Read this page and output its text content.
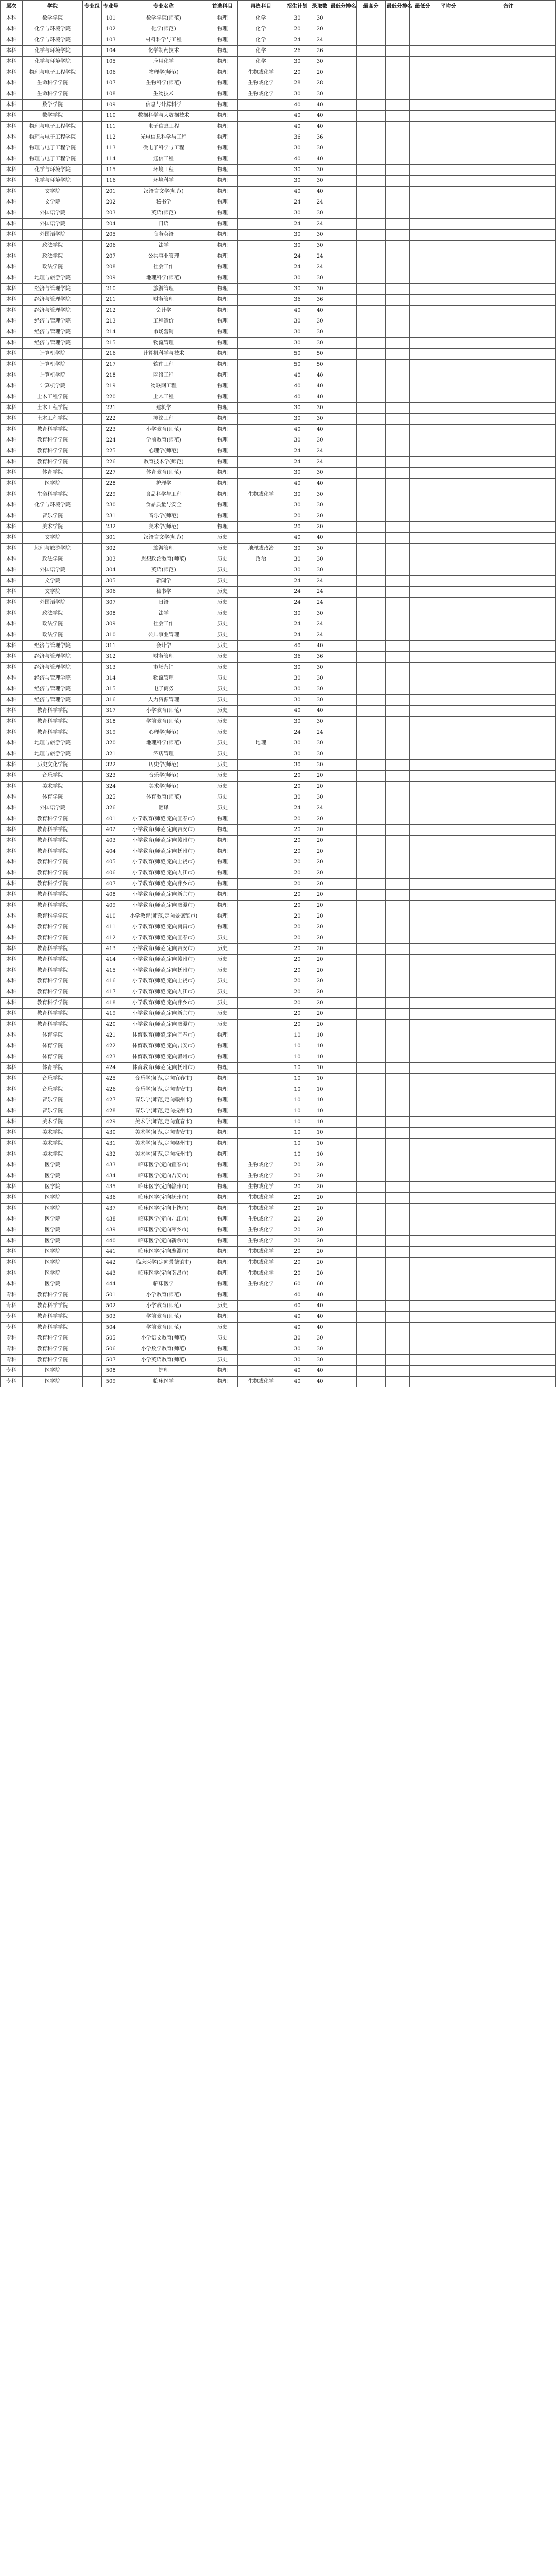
层次	学院	专业组	专业号	专业名称	首选科目	再选科目	招生计划	录取数	最低分排名	最高分	最低分排名	最低分	平均分	备注
本科	数学学院		101	数学学院(师范)	物理	化学	30	30						
本科	化学与环境学院		102	化学(师范)	物理	化学	20	20						
本科	化学与环境学院		103	材料科学与工程	物理	化学	24	24						
本科	化学与环境学院		104	化学制药技术	物理	化学	26	26						
本科	化学与环境学院		105	应用化学	物理	化学	30	30						
本科	物理与电子工程学院		106	物理学(师范)	物理	生物或化学	20	20						
本科	生命科学学院		107	生物科学(师范)	物理	生物或化学	28	28						
本科	生命科学学院		108	生物技术	物理	生物或化学	30	30						
本科	数学学院		109	信息与计算科学	物理		40	40						
本科	数学学院		110	数据科学与大数据技术	物理		40	40						
本科	物理与电子工程学院		111	电子信息工程	物理		40	40						
本科	物理与电子工程学院		112	光电信息科学与工程	物理		36	36						
本科	物理与电子工程学院		113	微电子科学与工程	物理		30	30						
本科	物理与电子工程学院		114	通信工程	物理		40	40						
本科	化学与环境学院		115	环境工程	物理		30	30						
本科	化学与环境学院		116	环境科学	物理		30	30						
本科	文学院		201	汉语言文学(师范)	物理		40	40						
本科	文学院		202	秘书学	物理		24	24						
本科	外国语学院		203	英语(师范)	物理		30	30						
本科	外国语学院		204	日语	物理		24	24						
本科	外国语学院		205	商务英语	物理		30	30						
本科	政法学院		206	法学	物理		30	30						
本科	政法学院		207	公共事业管理	物理		24	24						
本科	政法学院		208	社会工作	物理		24	24						
本科	地理与旅游学院		209	地理科学(师范)	物理		30	30						
本科	经济与管理学院		210	旅游管理	物理		30	30						
本科	经济与管理学院		211	财务管理	物理		36	36						
本科	经济与管理学院		212	会计学	物理		40	40						
本科	经济与管理学院		213	工程造价	物理		30	30						
本科	经济与管理学院		214	市场营销	物理		30	30						
本科	经济与管理学院		215	物流管理	物理		30	30						
本科	计算机学院		216	计算机科学与技术	物理		50	50						
本科	计算机学院		217	软件工程	物理		50	50						
本科	计算机学院		218	网络工程	物理		40	40						
本科	计算机学院		219	物联网工程	物理		40	40						
本科	土木工程学院		220	土木工程	物理		40	40						
本科	土木工程学院		221	建筑学	物理		30	30						
本科	土木工程学院		222	测绘工程	物理		30	30						
本科	教育科学学院		223	小学教育(师范)	物理		40	40						
本科	教育科学学院		224	学前教育(师范)	物理		30	30						
本科	教育科学学院		225	心理学(师范)	物理		24	24						
本科	教育科学学院		226	教育技术学(师范)	物理		24	24						
本科	体育学院		227	体育教育(师范)	物理		30	30						
本科	医学院		228	护理学	物理		40	40						
本科	生命科学学院		229	食品科学与工程	物理	生物或化学	30	30						
本科	化学与环境学院		230	食品质量与安全	物理		30	30						
本科	音乐学院		231	音乐学(师范)	物理		20	20						
本科	美术学院		232	美术学(师范)	物理		20	20						
本科	文学院		301	汉语言文学(师范)	历史		40	40						
本科	地理与旅游学院		302	旅游管理	历史	地理或政治	30	30						
本科	政法学院		303	思想政治教育(师范)	历史	政治	30	30						
本科	外国语学院		304	英语(师范)	历史		30	30						
本科	文学院		305	新闻学	历史		24	24						
本科	文学院		306	秘书学	历史		24	24						
本科	外国语学院		307	日语	历史		24	24						
本科	政法学院		308	法学	历史		30	30						
本科	政法学院		309	社会工作	历史		24	24						
本科	政法学院		310	公共事业管理	历史		24	24						
本科	经济与管理学院		311	会计学	历史		40	40						
本科	经济与管理学院		312	财务管理	历史		36	36						
本科	经济与管理学院		313	市场营销	历史		30	30						
本科	经济与管理学院		314	物流管理	历史		30	30						
本科	经济与管理学院		315	电子商务	历史		30	30						
本科	经济与管理学院		316	人力资源管理	历史		30	30						
本科	教育科学学院		317	小学教育(师范)	历史		40	40						
本科	教育科学学院		318	学前教育(师范)	历史		30	30						
本科	教育科学学院		319	心理学(师范)	历史		24	24						
本科	地理与旅游学院		320	地理科学(师范)	历史	地理	30	30						
本科	地理与旅游学院		321	酒店管理	历史		30	30						
本科	历史文化学院		322	历史学(师范)	历史		30	30						
本科	音乐学院		323	音乐学(师范)	历史		20	20						
本科	美术学院		324	美术学(师范)	历史		20	20						
本科	体育学院		325	体育教育(师范)	历史		30	30						
本科	外国语学院		326	翻译	历史		24	24						
本科	教育科学学院		401	小学教育(师范,定向宜春市)	物理		20	20						
本科	教育科学学院		402	小学教育(师范,定向吉安市)	物理		20	20						
本科	教育科学学院		403	小学教育(师范,定向赣州市)	物理		20	20						
本科	教育科学学院		404	小学教育(师范,定向抚州市)	物理		20	20						
本科	教育科学学院		405	小学教育(师范,定向上饶市)	物理		20	20						
本科	教育科学学院		406	小学教育(师范,定向九江市)	物理		20	20						
本科	教育科学学院		407	小学教育(师范,定向萍乡市)	物理		20	20						
本科	教育科学学院		408	小学教育(师范,定向新余市)	物理		20	20						
本科	教育科学学院		409	小学教育(师范,定向鹰潭市)	物理		20	20						
本科	教育科学学院		410	小学教育(师范,定向景德镇市)	物理		20	20						
本科	教育科学学院		411	小学教育(师范,定向南昌市)	物理		20	20						
本科	教育科学学院		412	小学教育(师范,定向宜春市)	历史		20	20						
本科	教育科学学院		413	小学教育(师范,定向吉安市)	历史		20	20						
本科	教育科学学院		414	小学教育(师范,定向赣州市)	历史		20	20						
本科	教育科学学院		415	小学教育(师范,定向抚州市)	历史		20	20						
本科	教育科学学院		416	小学教育(师范,定向上饶市)	历史		20	20						
本科	教育科学学院		417	小学教育(师范,定向九江市)	历史		20	20						
本科	教育科学学院		418	小学教育(师范,定向萍乡市)	历史		20	20						
本科	教育科学学院		419	小学教育(师范,定向新余市)	历史		20	20						
本科	教育科学学院		420	小学教育(师范,定向鹰潭市)	历史		20	20						
本科	体育学院		421	体育教育(师范,定向宜春市)	物理		10	10						
本科	体育学院		422	体育教育(师范,定向吉安市)	物理		10	10						
本科	体育学院		423	体育教育(师范,定向赣州市)	物理		10	10						
本科	体育学院		424	体育教育(师范,定向抚州市)	物理		10	10						
本科	音乐学院		425	音乐学(师范,定向宜春市)	物理		10	10						
本科	音乐学院		426	音乐学(师范,定向吉安市)	物理		10	10						
本科	音乐学院		427	音乐学(师范,定向赣州市)	物理		10	10						
本科	音乐学院		428	音乐学(师范,定向抚州市)	物理		10	10						
本科	美术学院		429	美术学(师范,定向宜春市)	物理		10	10						
本科	美术学院		430	美术学(师范,定向吉安市)	物理		10	10						
本科	美术学院		431	美术学(师范,定向赣州市)	物理		10	10						
本科	美术学院		432	美术学(师范,定向抚州市)	物理		10	10						
本科	医学院		433	临床医学(定向宜春市)	物理	生物或化学	20	20						
本科	医学院		434	临床医学(定向吉安市)	物理	生物或化学	20	20						
本科	医学院		435	临床医学(定向赣州市)	物理	生物或化学	20	20						
本科	医学院		436	临床医学(定向抚州市)	物理	生物或化学	20	20						
本科	医学院		437	临床医学(定向上饶市)	物理	生物或化学	20	20						
本科	医学院		438	临床医学(定向九江市)	物理	生物或化学	20	20						
本科	医学院		439	临床医学(定向萍乡市)	物理	生物或化学	20	20						
本科	医学院		440	临床医学(定向新余市)	物理	生物或化学	20	20						
本科	医学院		441	临床医学(定向鹰潭市)	物理	生物或化学	20	20						
本科	医学院		442	临床医学(定向景德镇市)	物理	生物或化学	20	20						
本科	医学院		443	临床医学(定向南昌市)	物理	生物或化学	20	20						
本科	医学院		444	临床医学	物理	生物或化学	60	60						
专科	教育科学学院		501	小学教育(师范)	物理		40	40						
专科	教育科学学院		502	小学教育(师范)	历史		40	40						
专科	教育科学学院		503	学前教育(师范)	物理		40	40						
专科	教育科学学院		504	学前教育(师范)	历史		40	40						
专科	教育科学学院		505	小学语文教育(师范)	历史		30	30						
专科	教育科学学院		506	小学数学教育(师范)	物理		30	30						
专科	教育科学学院		507	小学英语教育(师范)	历史		30	30						
专科	医学院		508	护理	物理		40	40						
专科	医学院		509	临床医学	物理	生物或化学	40	40						
